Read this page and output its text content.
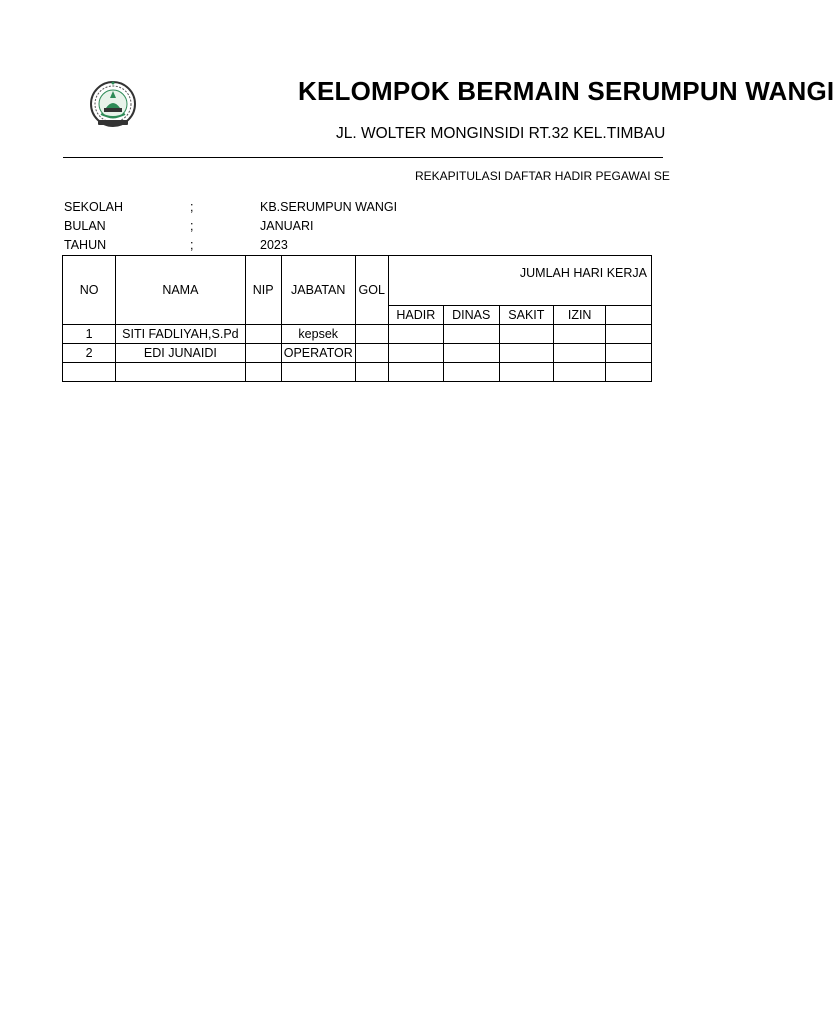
KELOMPOK BERMAIN SERUMPUN WANGI
JL. WOLTER MONGINSIDI RT.32 KEL.TIMBAU
REKAPITULASI DAFTAR HADIR PEGAWAI SE
SEKOLAH	;	KB.SERUMPUN WANGI
BULAN	;	JANUARI
TAHUN	;	2023
NO	NAMA	NIP	JABATAN	GOL	JUMLAH HARI KERJA				
					HADIR	DINAS	SAKIT	IZIN	
1	SITI FADLIYAH,S.Pd		kepsek						
2	EDI JUNAIDI		OPERATOR						
